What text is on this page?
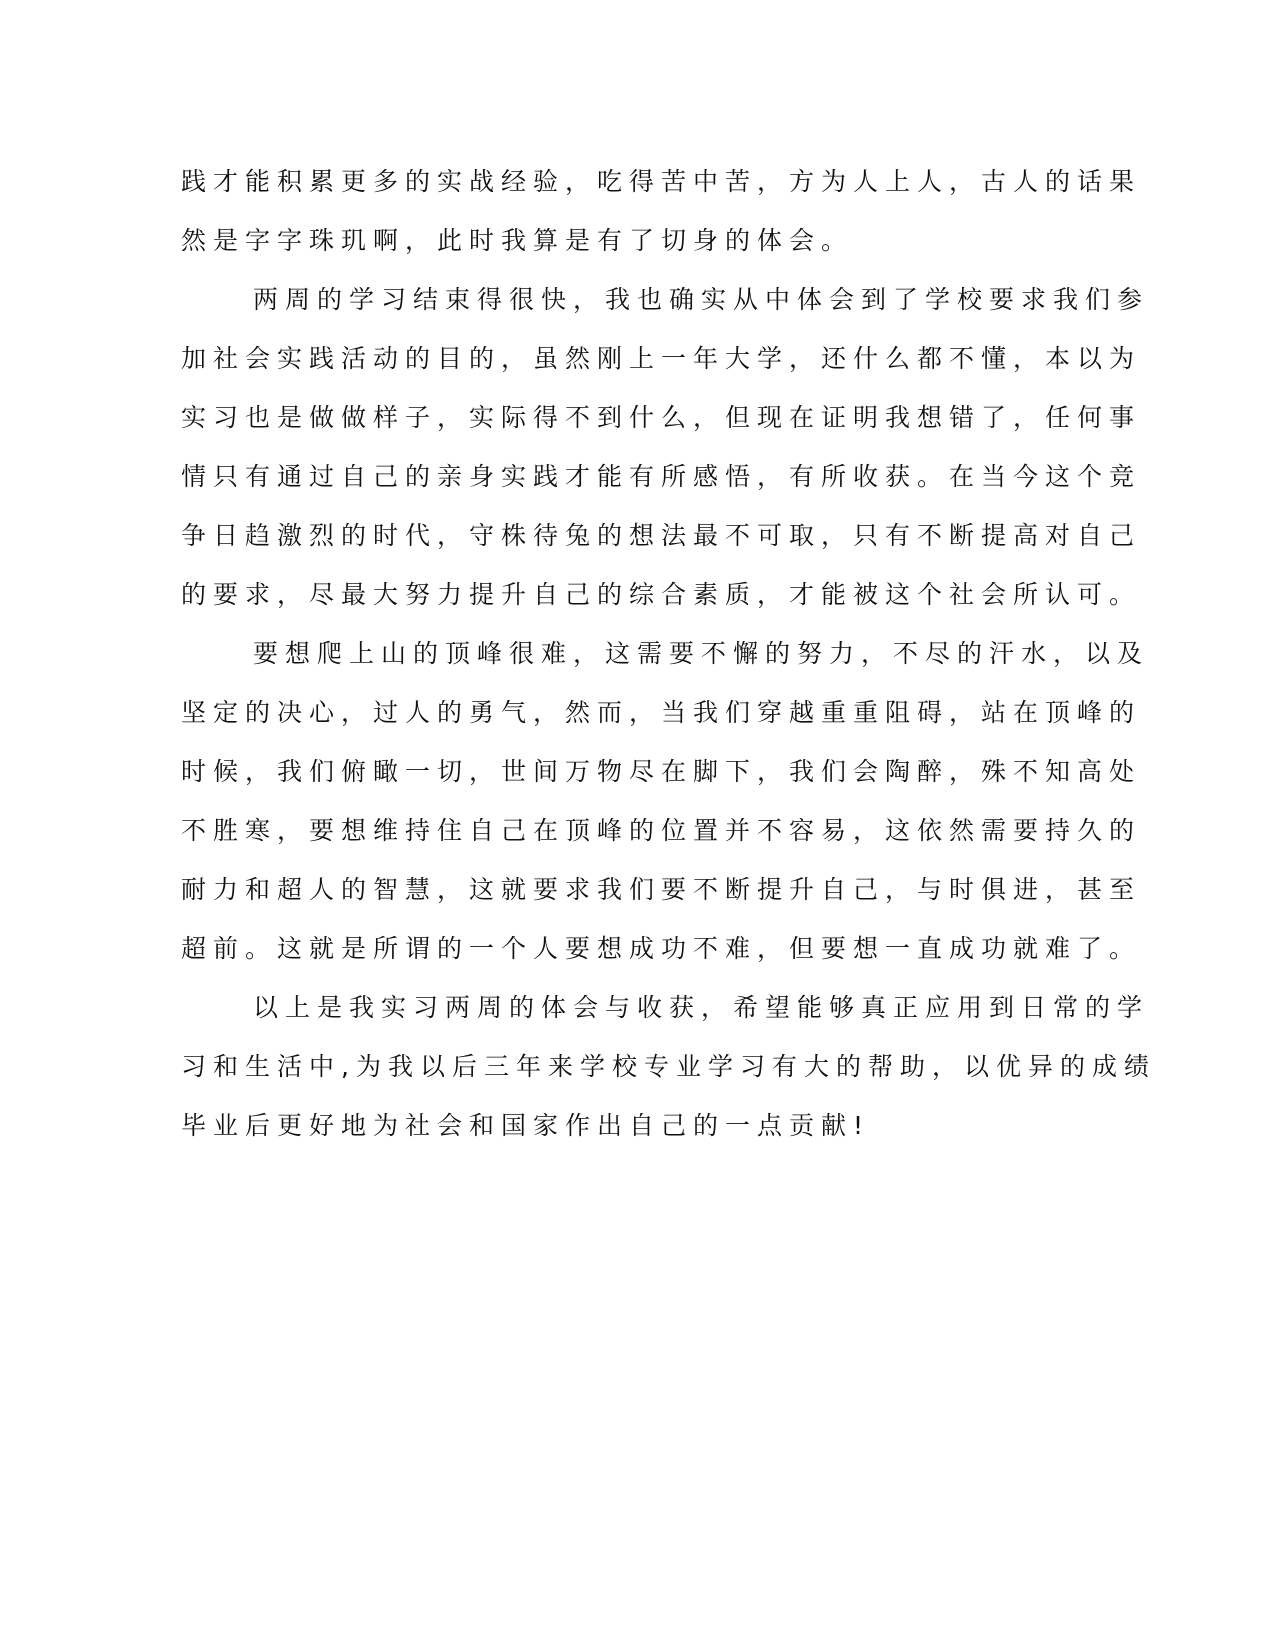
践才能积累更多的实战经验，吃得苦中苦，方为人上人，古人的话果
然是字字珠玑啊，此时我算是有了切身的体会。
两周的学习结束得很快，我也确实从中体会到了学校要求我们参
加社会实践活动的目的，虽然刚上一年大学，还什么都不懂，本以为
实习也是做做样子，实际得不到什么，但现在证明我想错了，任何事
情只有通过自己的亲身实践才能有所感悟，有所收获。在当今这个竞
争日趋激烈的时代，守株待兔的想法最不可取，只有不断提高对自己
的要求，尽最大努力提升自己的综合素质，才能被这个社会所认可。
要想爬上山的顶峰很难，这需要不懈的努力，不尽的汗水，以及
坚定的决心，过人的勇气，然而，当我们穿越重重阻碍，站在顶峰的
时候，我们俯瞰一切，世间万物尽在脚下，我们会陶醉，殊不知高处
不胜寒，要想维持住自己在顶峰的位置并不容易，这依然需要持久的
耐力和超人的智慧，这就要求我们要不断提升自己，与时俱进，甚至
超前。这就是所谓的一个人要想成功不难，但要想一直成功就难了。
以上是我实习两周的体会与收获，希望能够真正应用到日常的学
习和生活中,为我以后三年来学校专业学习有大的帮助，以优异的成绩
毕业后更好地为社会和国家作出自己的一点贡献!
